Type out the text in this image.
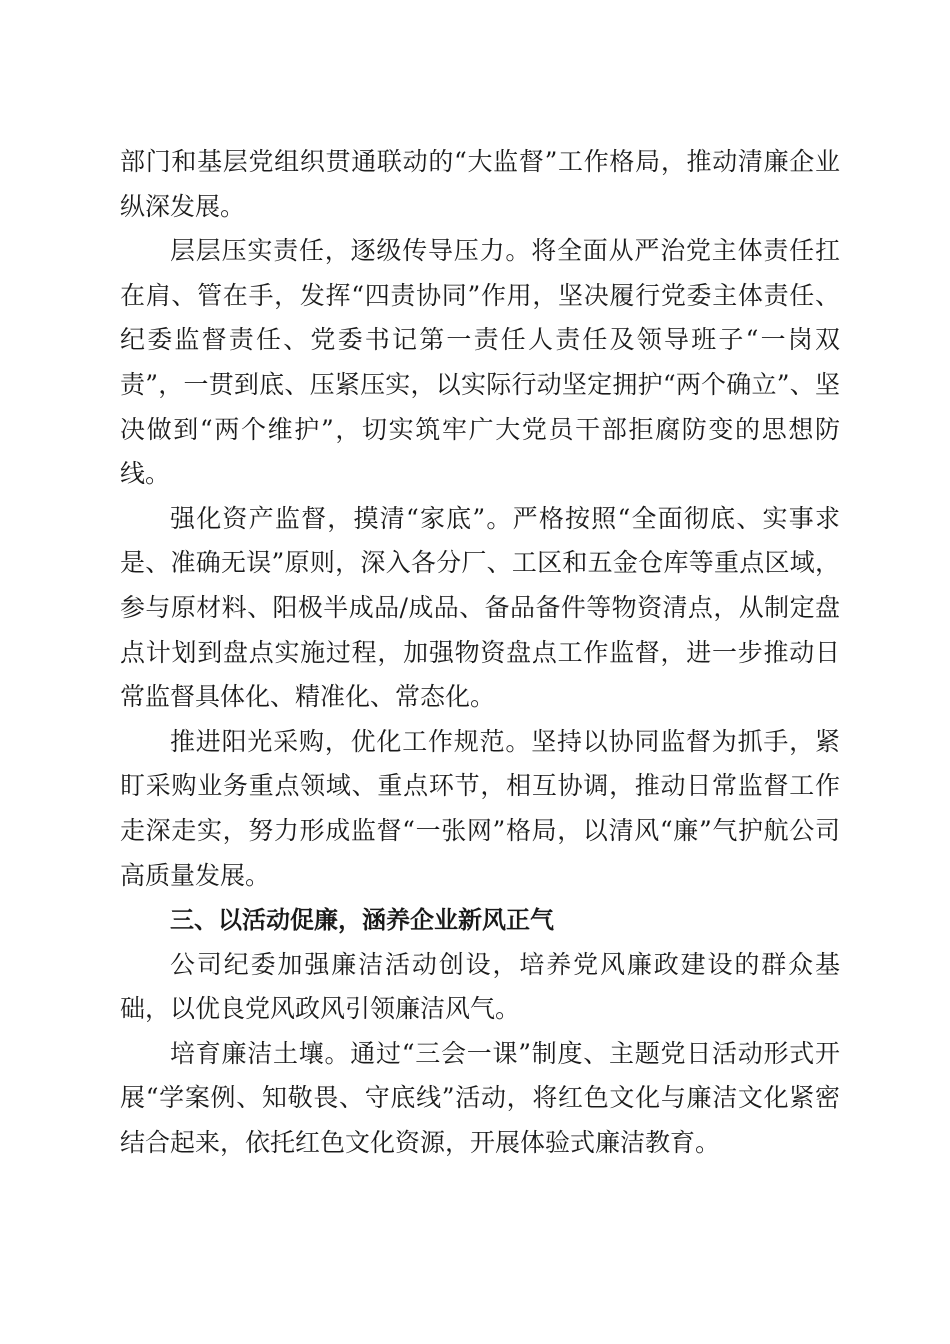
部门和基层党组织贯通联动的“大监督”工作格局，推动清廉企业纵深发展。

层层压实责任，逐级传导压力。将全面从严治党主体责任扛在肩、管在手，发挥“四责协同”作用，坚决履行党委主体责任、纪委监督责任、党委书记第一责任人责任及领导班子“一岗双责”，一贯到底、压紧压实，以实际行动坚定拥护“两个确立”、坚决做到“两个维护”，切实筑牢广大党员干部拒腐防变的思想防线。

强化资产监督，摸清“家底”。严格按照“全面彻底、实事求是、准确无误”原则，深入各分厂、工区和五金仓库等重点区域，参与原材料、阳极半成品/成品、备品备件等物资清点，从制定盘点计划到盘点实施过程，加强物资盘点工作监督，进一步推动日常监督具体化、精准化、常态化。

推进阳光采购，优化工作规范。坚持以协同监督为抓手，紧盯采购业务重点领域、重点环节，相互协调，推动日常监督工作走深走实，努力形成监督“一张网”格局，以清风“廉”气护航公司高质量发展。

三、以活动促廉，涵养企业新风正气

公司纪委加强廉洁活动创设，培养党风廉政建设的群众基础，以优良党风政风引领廉洁风气。

培育廉洁土壤。通过“三会一课”制度、主题党日活动形式开展“学案例、知敬畏、守底线”活动，将红色文化与廉洁文化紧密结合起来，依托红色文化资源，开展体验式廉洁教育。
